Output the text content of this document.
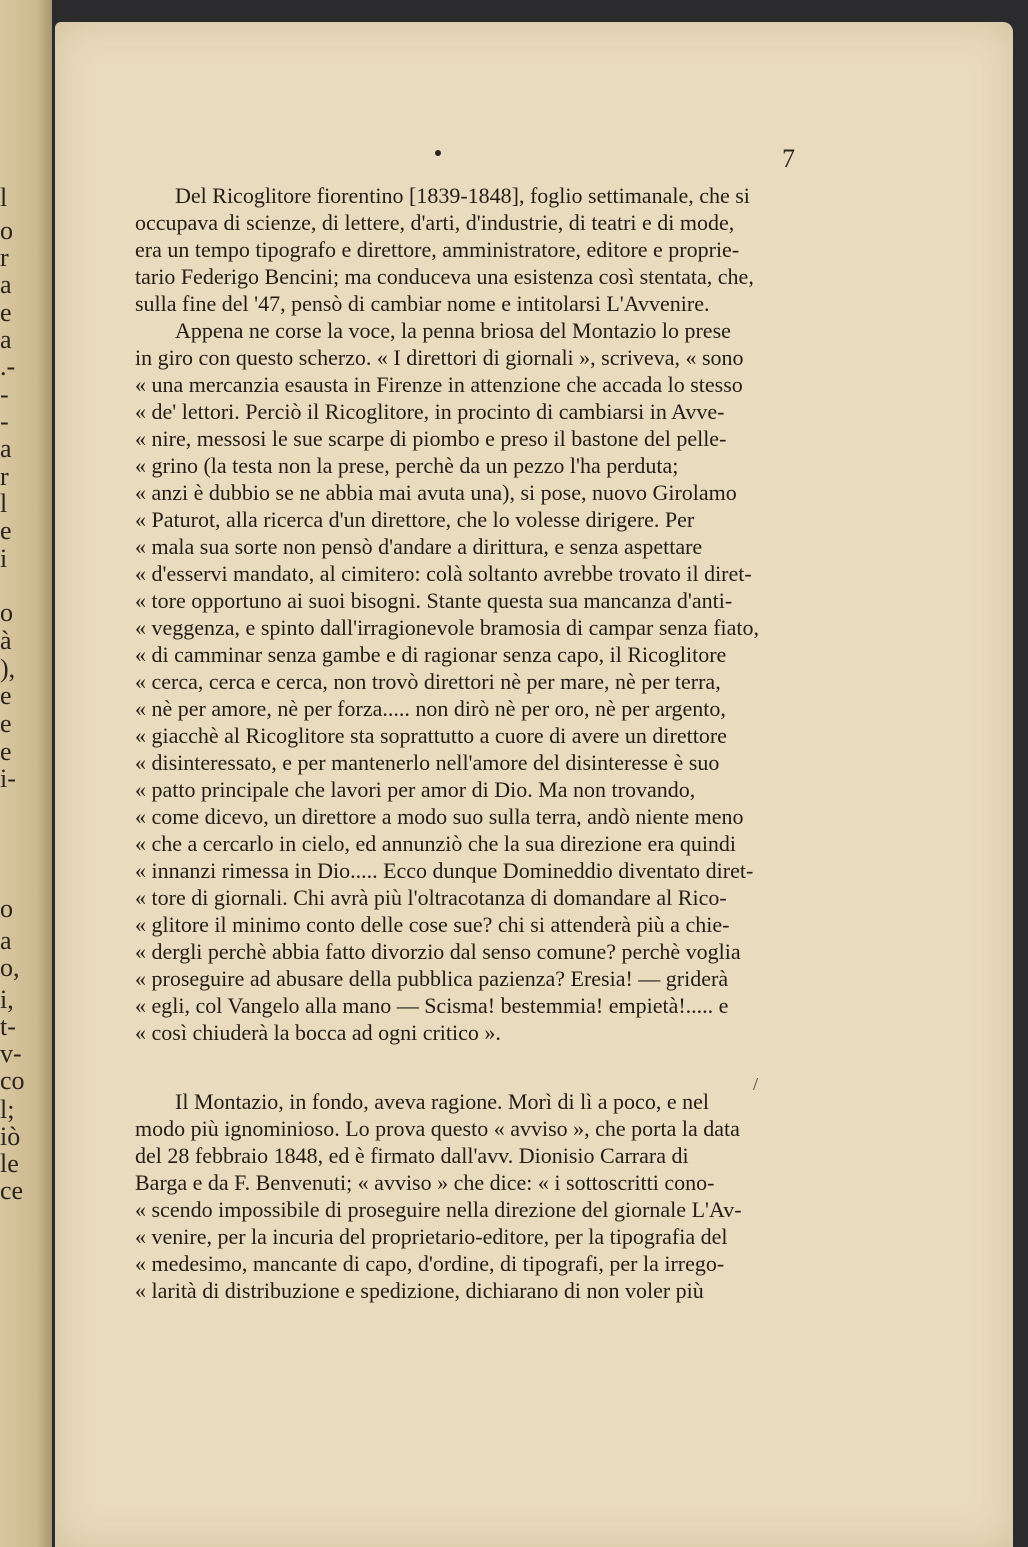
l
o
r
a
e
a
.-
-
-
a
r
l
e
i
o
à
),
e
e
e
i-
o
a
o,
i,
t-
v-
co
l;
iò
le
ce
7
/
Del Ricoglitore fiorentino [1839-1848], foglio settimanale, che si
occupava di scienze, di lettere, d'arti, d'industrie, di teatri e di mode,
era un tempo tipografo e direttore, amministratore, editore e proprie-
tario Federigo Bencini; ma conduceva una esistenza così stentata, che,
sulla fine del '47, pensò di cambiar nome e intitolarsi L'Avvenire.
Appena ne corse la voce, la penna briosa del Montazio lo prese
in giro con questo scherzo. « I direttori di giornali », scriveva, « sono
« una mercanzia esausta in Firenze in attenzione che accada lo stesso
« de' lettori. Perciò il Ricoglitore, in procinto di cambiarsi in Avve-
« nire, messosi le sue scarpe di piombo e preso il bastone del pelle-
« grino (la testa non la prese, perchè da un pezzo l'ha perduta;
« anzi è dubbio se ne abbia mai avuta una), si pose, nuovo Girolamo
« Paturot, alla ricerca d'un direttore, che lo volesse dirigere. Per
« mala sua sorte non pensò d'andare a dirittura, e senza aspettare
« d'esservi mandato, al cimitero: colà soltanto avrebbe trovato il diret-
« tore opportuno ai suoi bisogni. Stante questa sua mancanza d'anti-
« veggenza, e spinto dall'irragionevole bramosia di campar senza fiato,
« di camminar senza gambe e di ragionar senza capo, il Ricoglitore
« cerca, cerca e cerca, non trovò direttori nè per mare, nè per terra,
« nè per amore, nè per forza..... non dirò nè per oro, nè per argento,
« giacchè al Ricoglitore sta soprattutto a cuore di avere un direttore
« disinteressato, e per mantenerlo nell'amore del disinteresse è suo
« patto principale che lavori per amor di Dio. Ma non trovando,
« come dicevo, un direttore a modo suo sulla terra, andò niente meno
« che a cercarlo in cielo, ed annunziò che la sua direzione era quindi
« innanzi rimessa in Dio..... Ecco dunque Domineddio diventato diret-
« tore di giornali. Chi avrà più l'oltracotanza di domandare al Rico-
« glitore il minimo conto delle cose sue? chi si attenderà più a chie-
« dergli perchè abbia fatto divorzio dal senso comune? perchè voglia
« proseguire ad abusare della pubblica pazienza? Eresia! — griderà
« egli, col Vangelo alla mano — Scisma! bestemmia! empietà!..... e
« così chiuderà la bocca ad ogni critico ».
Il Montazio, in fondo, aveva ragione. Morì di lì a poco, e nel
modo più ignominioso. Lo prova questo « avviso », che porta la data
del 28 febbraio 1848, ed è firmato dall'avv. Dionisio Carrara di
Barga e da F. Benvenuti; « avviso » che dice: « i sottoscritti cono-
« scendo impossibile di proseguire nella direzione del giornale L'Av-
« venire, per la incuria del proprietario-editore, per la tipografia del
« medesimo, mancante di capo, d'ordine, di tipografi, per la irrego-
« larità di distribuzione e spedizione, dichiarano di non voler più
